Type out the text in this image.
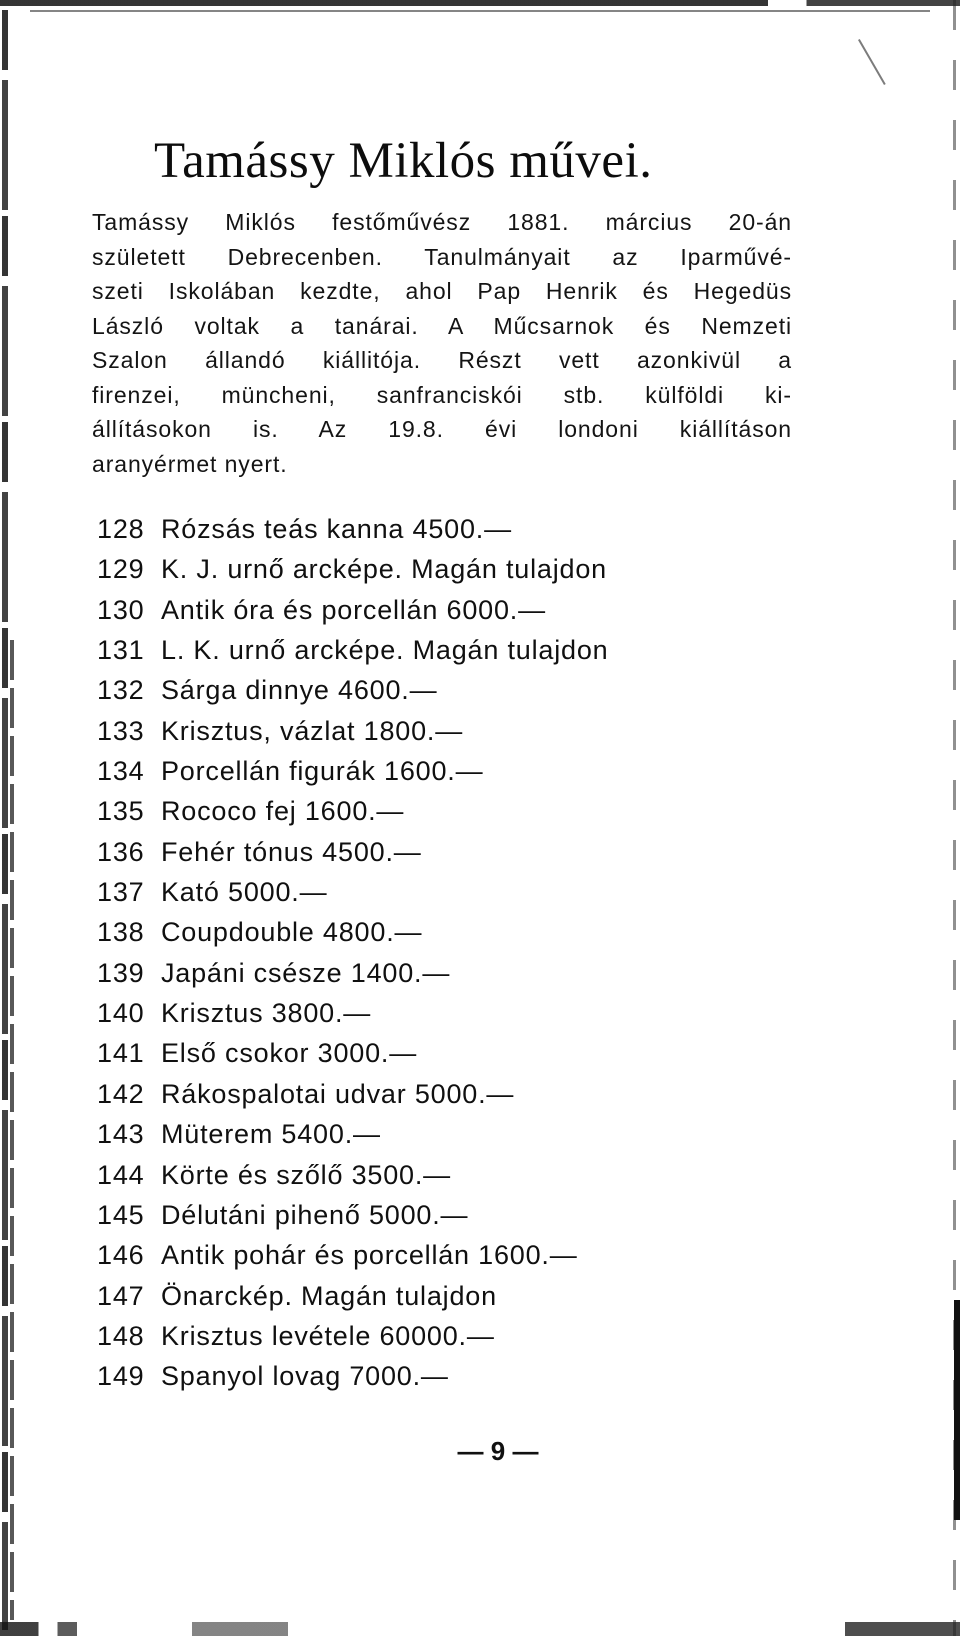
Tamássy Miklós művei.
Tamássy Miklós festőművész 1881. március 20-án
született Debrecenben. Tanulmányait az Iparművé-
szeti Iskolában kezdte, ahol Pap Henrik és Hegedüs
László voltak a tanárai. A Műcsarnok és Nemzeti
Szalon állandó kiállitója. Részt vett azonkivül a
firenzei, müncheni, sanfranciskói stb. külföldi ki-
állításokon is. Az 19.8. évi londoni kiállításon
aranyérmet nyert.
128 Rózsás teás kanna 4500.—
129 K. J. urnő arcképe. Magán tulajdon
130 Antik óra és porcellán 6000.—
131 L. K. urnő arcképe. Magán tulajdon
132 Sárga dinnye 4600.—
133 Krisztus, vázlat 1800.—
134 Porcellán figurák 1600.—
135 Rococo fej 1600.—
136 Fehér tónus 4500.—
137 Kató 5000.—
138 Coupdouble 4800.—
139 Japáni csésze 1400.—
140 Krisztus 3800.—
141 Első csokor 3000.—
142 Rákospalotai udvar 5000.—
143 Müterem 5400.—
144 Körte és szőlő 3500.—
145 Délutáni pihenő 5000.—
146 Antik pohár és porcellán 1600.—
147 Önarckép. Magán tulajdon
148 Krisztus levétele 60000.—
149 Spanyol lovag 7000.—
— 9 —
